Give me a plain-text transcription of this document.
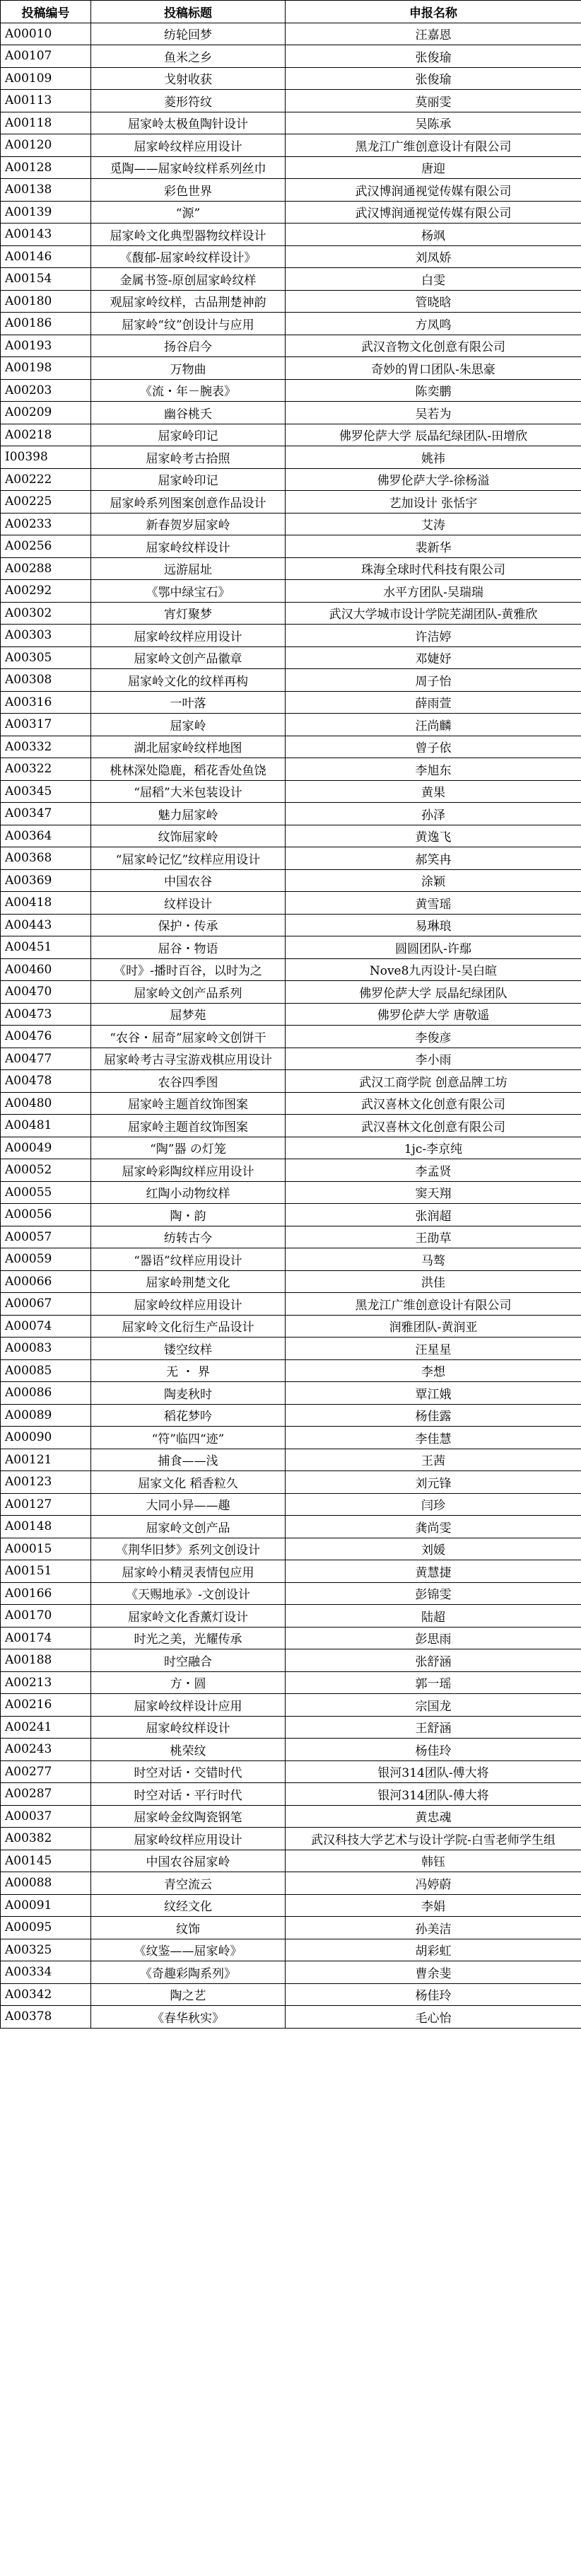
投稿编号	投稿标题	申报名称
A00010	纺轮回梦	汪嘉恩
A00107	鱼米之乡	张俊瑜
A00109	戈射收获	张俊瑜
A00113	菱形符纹	莫丽雯
A00118	屈家岭太极鱼陶针设计	吴陈承
A00120	屈家岭纹样应用设计	黑龙江广维创意设计有限公司
A00128	觅陶——屈家岭纹样系列丝巾	唐迎
A00138	彩色世界	武汉博润通视觉传媒有限公司
A00139	“源”	武汉博润通视觉传媒有限公司
A00143	屈家岭文化典型器物纹样设计	杨飒
A00146	《馥郁-屈家岭纹样设计》	刘凤娇
A00154	金属书签-原创屈家岭纹样	白雯
A00180	观屈家岭纹样，古品荆楚神韵	管晓晗
A00186	屈家岭“纹”创设计与应用	方凤鸣
A00193	扬谷启今	武汉音物文化创意有限公司
A00198	万物曲	奇妙的胃口团队-朱思豪
A00203	《流・年－腕表》	陈奕鹏
A00209	幽谷桃夭	吴若为
A00218	屈家岭印记	佛罗伦萨大学 辰晶纪绿团队-田增欣
I00398	屈家岭考古拾照	姚祎
A00222	屈家岭印记	佛罗伦萨大学-徐杨溢
A00225	屈家岭系列图案创意作品设计	艺加设计 张恬宇
A00233	新春贺岁屈家岭	艾涛
A00256	屈家岭纹样设计	裴新华
A00288	远游屈址	珠海全球时代科技有限公司
A00292	《鄂中绿宝石》	水平方团队-吴瑞瑞
A00302	宵灯聚梦	武汉大学城市设计学院芜湖团队-黄雅欣
A00303	屈家岭纹样应用设计	许洁婷
A00305	屈家岭文创产品徽章	邓婕妤
A00308	屈家岭文化的纹样再构	周子怡
A00316	一叶落	薛雨萱
A00317	屈家岭	汪尚麟
A00332	湖北屈家岭纹样地图	曾子依
A00322	桃林深处隐鹿，稻花香处鱼饶	李旭东
A00345	“屈稻”大米包装设计	黄果
A00347	魅力屈家岭	孙泽
A00364	纹饰屈家岭	黄逸飞
A00368	“屈家岭记忆”纹样应用设计	郝笑冉
A00369	中国农谷	涂颖
A00418	纹样设计	黄雪瑶
A00443	保护・传承	易琳琅
A00451	屈谷・物语	圆圆团队-许鄢
A00460	《时》-播时百谷，以时为之	Nove8九丙设计-吴白暄
A00470	屈家岭文创产品系列	佛罗伦萨大学 辰晶纪绿团队
A00473	屈梦苑	佛罗伦萨大学 唐敬遥
A00476	“农谷・屈奇”屈家岭文创饼干	李俊彦
A00477	屈家岭考古寻宝游戏棋应用设计	李小雨
A00478	农谷四季图	武汉工商学院 创意品牌工坊
A00480	屈家岭主题首纹饰图案	武汉喜林文化创意有限公司
A00481	屈家岭主题首纹饰图案	武汉喜林文化创意有限公司
A00049	“陶”器 の灯笼	1jc-李京纯
A00052	屈家岭彩陶纹样应用设计	李孟贤
A00055	红陶小动物纹样	窦天翔
A00056	陶・韵	张润超
A00057	纺转古今	王劭草
A00059	“器语”纹样应用设计	马骜
A00066	屈家岭荆楚文化	洪佳
A00067	屈家岭纹样应用设计	黑龙江广维创意设计有限公司
A00074	屈家岭文化衍生产品设计	润雅团队-黄润亚
A00083	镂空纹样	汪星星
A00085	无 ・ 界	李想
A00086	陶麦秋时	覃江娥
A00089	稻花梦吟	杨佳露
A00090	“符”临四“迹”	李佳慧
A00121	捕食——浅	王茜
A00123	屈家文化 稻香粒久	刘元锋
A00127	大同小异——趣	闫珍
A00148	屈家岭文创产品	龚尚雯
A00015	《荆华旧梦》系列文创设计	刘媛
A00151	屈家岭小精灵表情包应用	黄慧捷
A00166	《天赐地承》-文创设计	彭锦雯
A00170	屈家岭文化香薰灯设计	陆超
A00174	时光之美，光耀传承	彭思雨
A00188	时空融合	张舒涵
A00213	方・圆	郭一瑶
A00216	屈家岭纹样设计应用	宗国龙
A00241	屈家岭纹样设计	王舒涵
A00243	桃荣纹	杨佳玲
A00277	时空对话・交错时代	银河314团队-傅大将
A00287	时空对话・平行时代	银河314团队-傅大将
A00037	屈家岭金纹陶瓷钢笔	黄忠魂
A00382	屈家岭纹样应用设计	武汉科技大学艺术与设计学院-白雪老师学生组
A00145	中国农谷屈家岭	韩钰
A00088	青空流云	冯婷蔚
A00091	纹经文化	李娟
A00095	纹饰	孙美洁
A00325	《纹鉴——屈家岭》	胡彩虹
A00334	《奇趣彩陶系列》	曹余斐
A00342	陶之艺	杨佳玲
A00378	《春华秋实》	毛心怡
